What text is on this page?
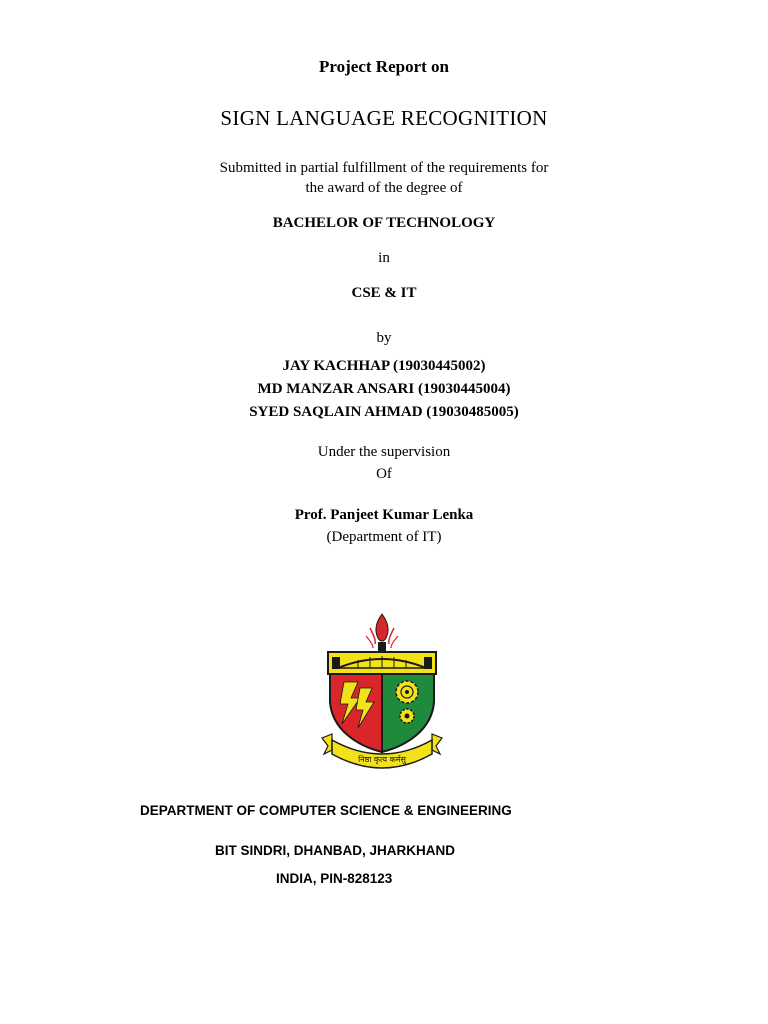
Project Report on
SIGN LANGUAGE RECOGNITION
Submitted in partial fulfillment of the requirements for
the award of the degree of
BACHELOR OF TECHNOLOGY
in
CSE & IT
by
JAY KACHHAP (19030445002)
MD MANZAR ANSARI (19030445004)
SYED SAQLAIN AHMAD (19030485005)
Under the supervision
Of
Prof. Panjeet Kumar Lenka
(Department of IT)
निष्ठा कृत्य कर्मसु
DEPARTMENT OF COMPUTER SCIENCE & ENGINEERING
BIT SINDRI, DHANBAD, JHARKHAND
INDIA, PIN-828123
